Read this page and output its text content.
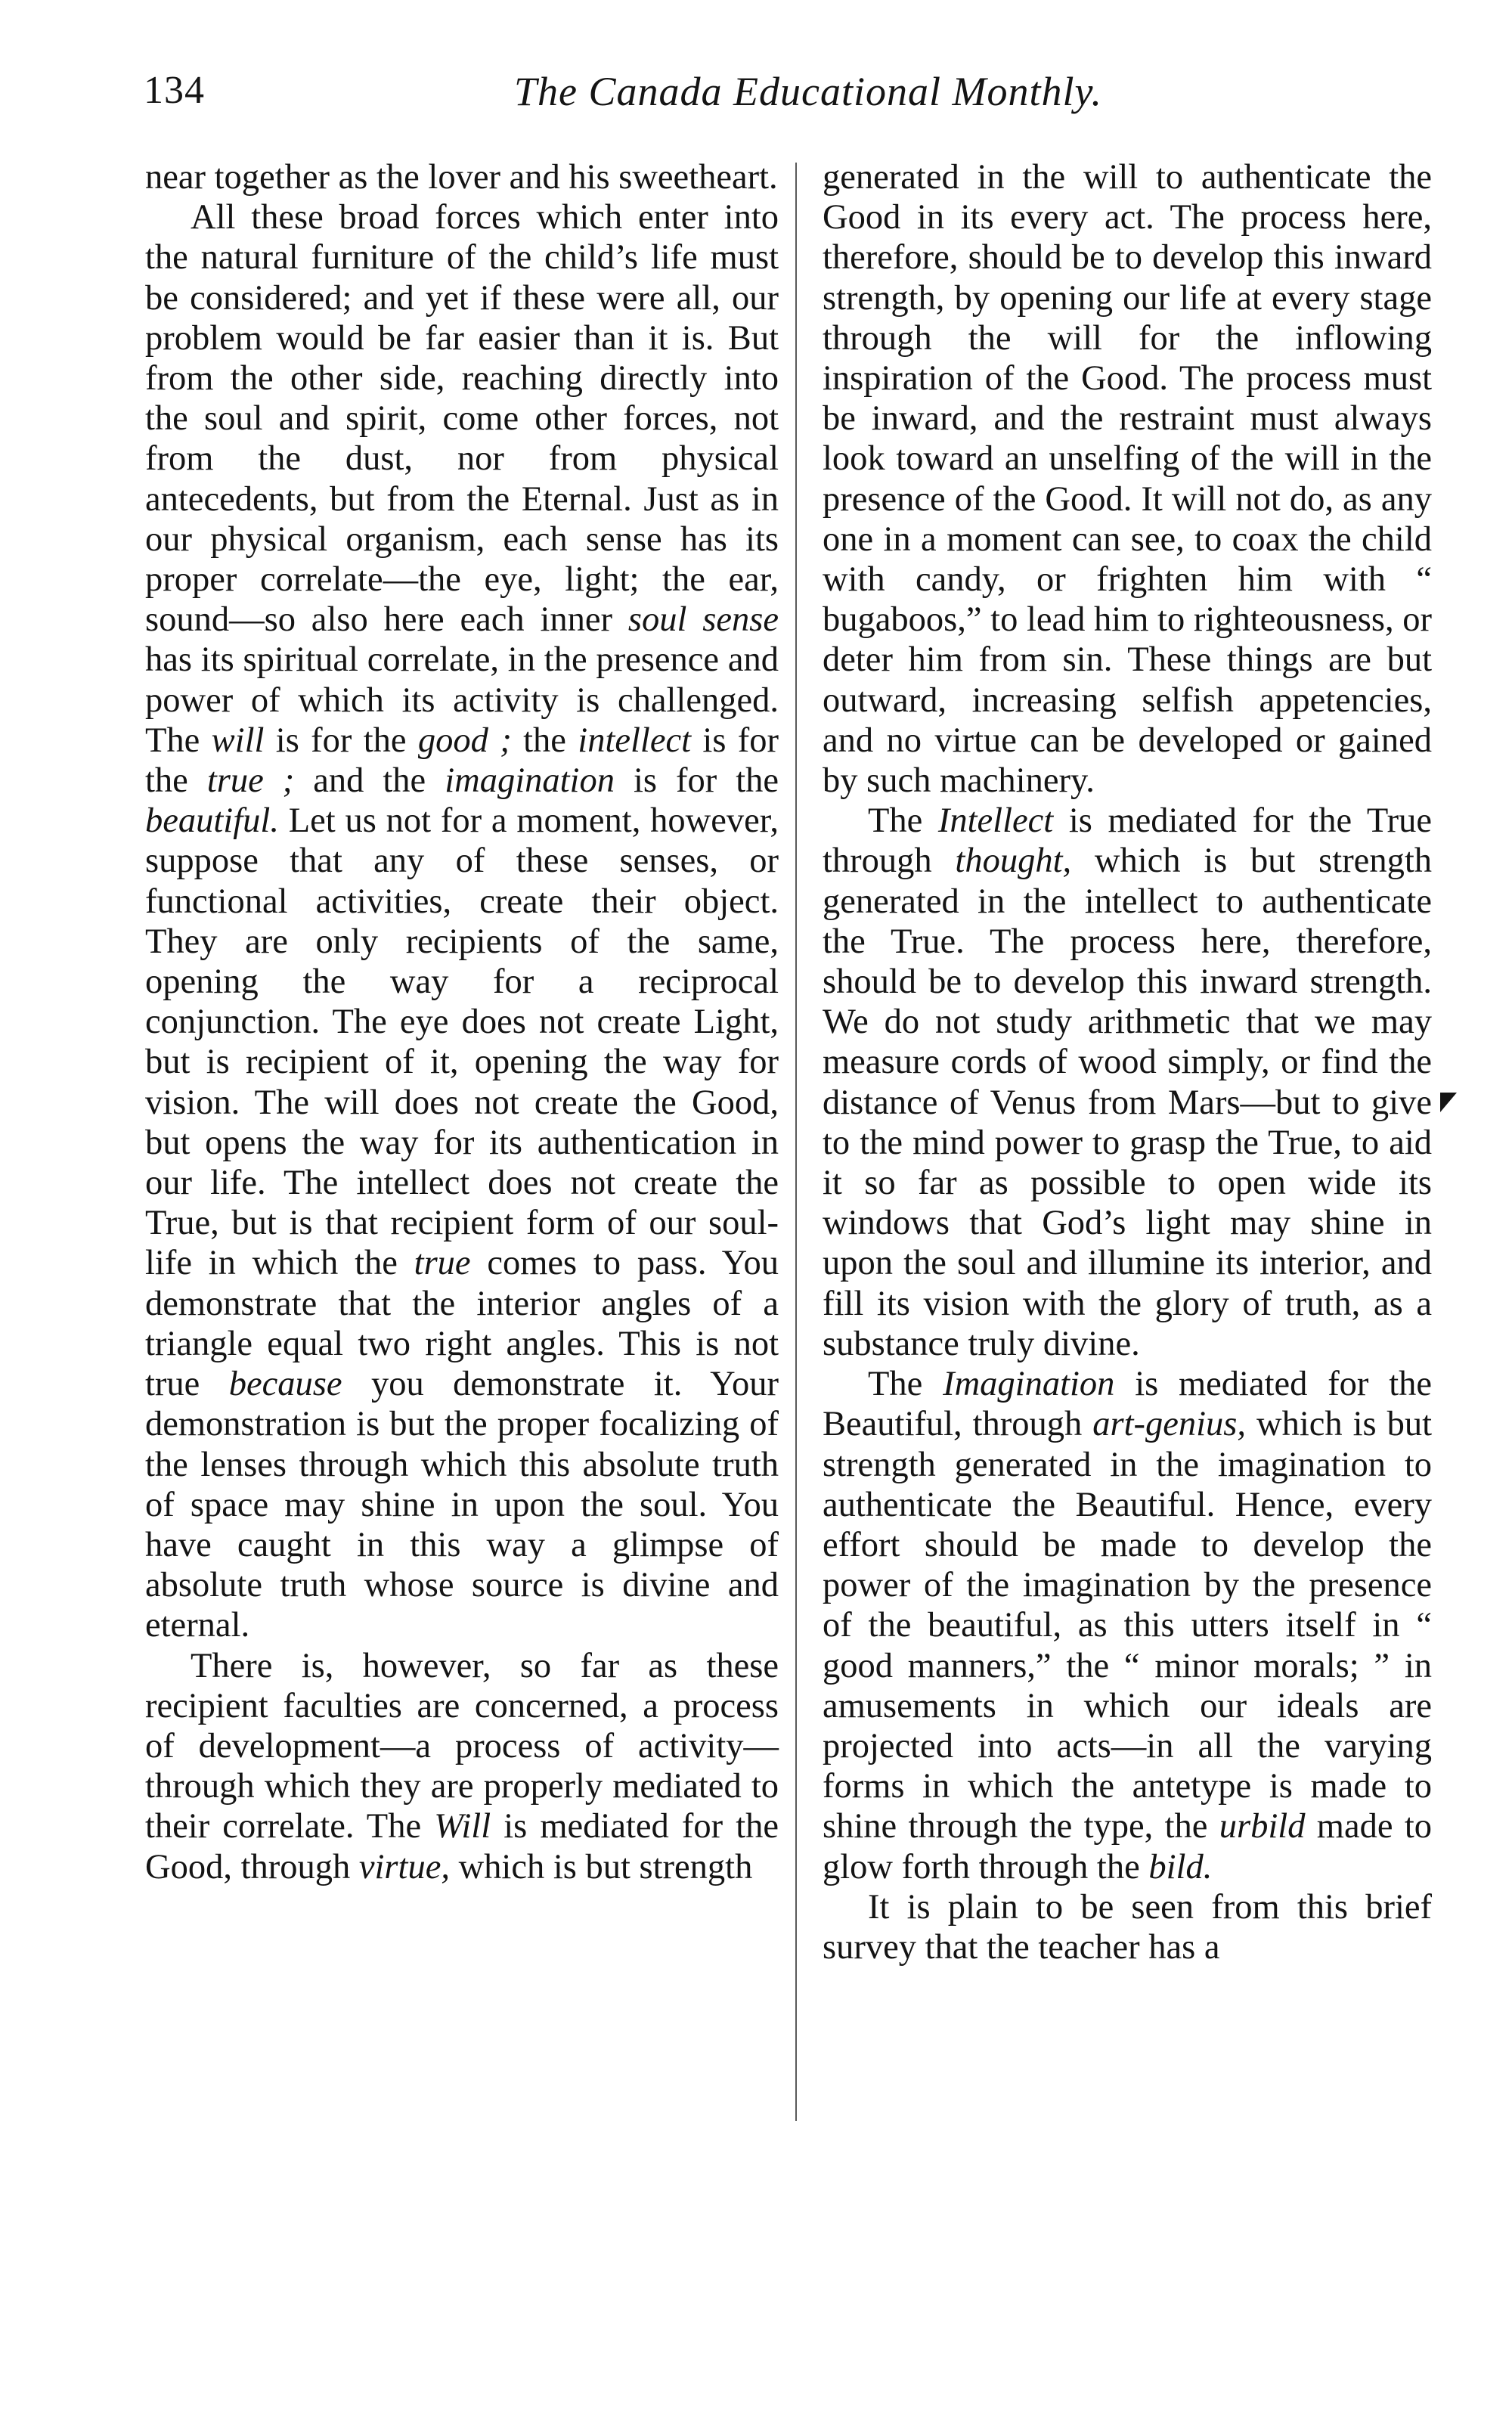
134	The Canada Educational Monthly.

near together as the lover and his sweetheart.

All these broad forces which enter into the natural furniture of the child’s life must be considered; and yet if these were all, our problem would be far easier than it is. But from the other side, reaching directly into the soul and spirit, come other forces, not from the dust, nor from physical antecedents, but from the Eternal. Just as in our physical organism, each sense has its proper correlate—the eye, light; the ear, sound—so also here each inner soul sense has its spiritual correlate, in the presence and power of which its activity is challenged. The will is for the good ; the intellect is for the true ; and the imagination is for the beautiful. Let us not for a moment, however, suppose that any of these senses, or functional activities, create their object. They are only recipients of the same, opening the way for a reciprocal conjunction. The eye does not create Light, but is recipient of it, opening the way for vision. The will does not create the Good, but opens the way for its authentication in our life. The intellect does not create the True, but is that recipient form of our soul-life in which the true comes to pass. You demonstrate that the interior angles of a triangle equal two right angles. This is not true because you demonstrate it. Your demonstration is but the proper focalizing of the lenses through which this absolute truth of space may shine in upon the soul. You have caught in this way a glimpse of absolute truth whose source is divine and eternal.

There is, however, so far as these recipient faculties are concerned, a process of development—a process of activity—through which they are properly mediated to their correlate. The Will is mediated for the Good, through virtue, which is but strength

generated in the will to authenticate the Good in its every act. The process here, therefore, should be to develop this inward strength, by opening our life at every stage through the will for the inflowing inspiration of the Good. The process must be inward, and the restraint must always look toward an unselfing of the will in the presence of the Good. It will not do, as any one in a moment can see, to coax the child with candy, or frighten him with “ bugaboos,” to lead him to righteousness, or deter him from sin. These things are but outward, increasing selfish appetencies, and no virtue can be developed or gained by such machinery.

The Intellect is mediated for the True through thought, which is but strength generated in the intellect to authenticate the True. The process here, therefore, should be to develop this inward strength. We do not study arithmetic that we may measure cords of wood simply, or find the distance of Venus from Mars—but to give to the mind power to grasp the True, to aid it so far as possible to open wide its windows that God’s light may shine in upon the soul and illumine its interior, and fill its vision with the glory of truth, as a substance truly divine.

The Imagination is mediated for the Beautiful, through art-genius, which is but strength generated in the imagination to authenticate the Beautiful. Hence, every effort should be made to develop the power of the imagination by the presence of the beautiful, as this utters itself in “ good manners,” the “ minor morals; ” in amusements in which our ideals are projected into acts—in all the varying forms in which the antetype is made to shine through the type, the urbild made to glow forth through the bild.

It is plain to be seen from this brief survey that the teacher has a
